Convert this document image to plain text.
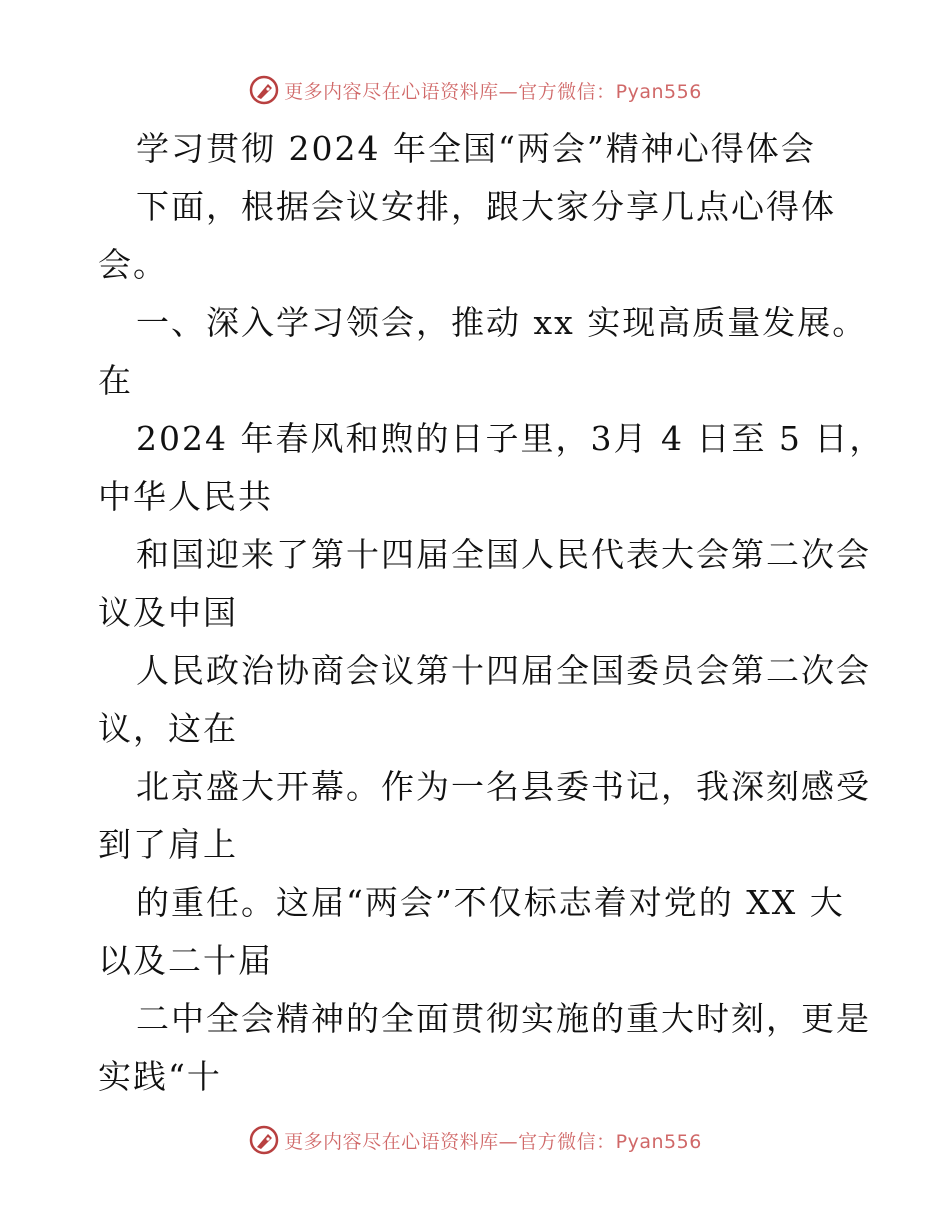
更多内容尽在心语资料库—官方微信：Pyan556
学习贯彻 2024 年全国“两会”精神心得体会
下面，根据会议安排，跟大家分享几点心得体
会。
一、深入学习领会，推动 xx 实现高质量发展。
在
2024 年春风和煦的日子里，3月 4 日至 5 日，
中华人民共
和国迎来了第十四届全国人民代表大会第二次会
议及中国
人民政治协商会议第十四届全国委员会第二次会
议，这在
北京盛大开幕。作为一名县委书记，我深刻感受
到了肩上
的重任。这届“两会”不仅标志着对党的 XX 大
以及二十届
二中全会精神的全面贯彻实施的重大时刻，更是
实践“十
更多内容尽在心语资料库—官方微信：Pyan556
